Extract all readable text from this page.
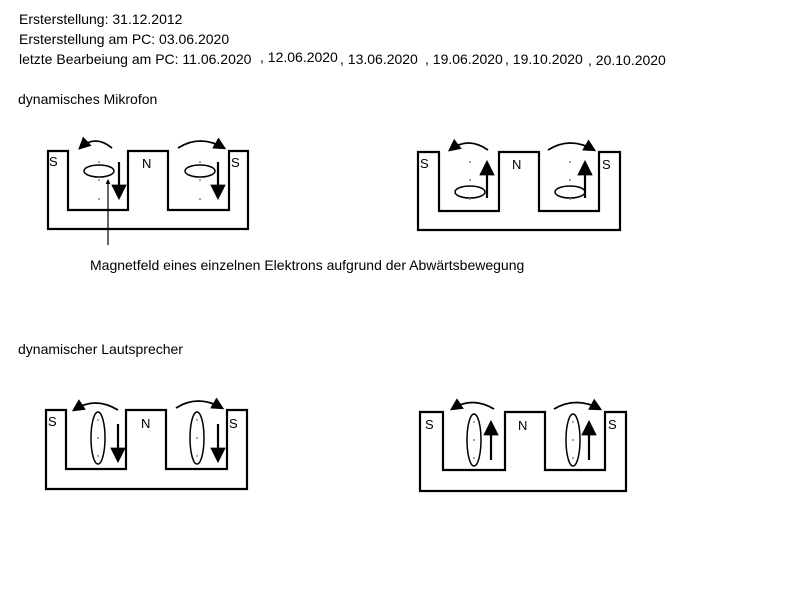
Ersterstellung: 31.12.2012
Ersterstellung am PC: 03.06.2020
letzte Bearbeiung am PC: 11.06.2020 , 12.06.2020 , 13.06.2020 , 19.06.2020 , 19.10.2020 , 20.10.2020
dynamisches Mikrofon
dynamischer Lautsprecher
Magnetfeld eines einzelnen Elektrons aufgrund der Abwärtsbewegung
S	N	S	S	N	S
S	N	S	S	N	S
